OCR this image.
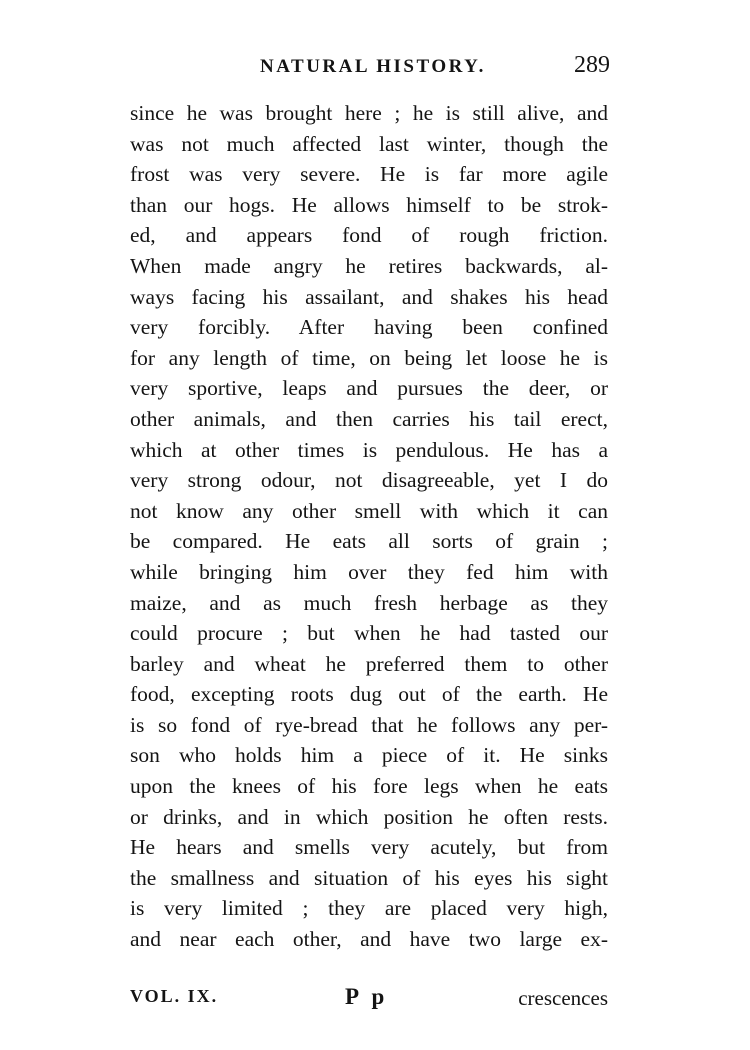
NATURAL HISTORY.	289
since he was brought here ; he is still alive, and
was not much affected last winter, though the
frost was very severe. He is far more agile
than our hogs. He allows himself to be strok-
ed, and appears fond of rough friction.
When made angry he retires backwards, al-
ways facing his assailant, and shakes his head
very forcibly. After having been confined
for any length of time, on being let loose he is
very sportive, leaps and pursues the deer, or
other animals, and then carries his tail erect,
which at other times is pendulous. He has a
very strong odour, not disagreeable, yet I do
not know any other smell with which it can
be compared. He eats all sorts of grain ;
while bringing him over they fed him with
maize, and as much fresh herbage as they
could procure ; but when he had tasted our
barley and wheat he preferred them to other
food, excepting roots dug out of the earth. He
is so fond of rye-bread that he follows any per-
son who holds him a piece of it. He sinks
upon the knees of his fore legs when he eats
or drinks, and in which position he often rests.
He hears and smells very acutely, but from
the smallness and situation of his eyes his sight
is very limited ; they are placed very high,
and near each other, and have two large ex-
VOL. IX.	P p	crescences
